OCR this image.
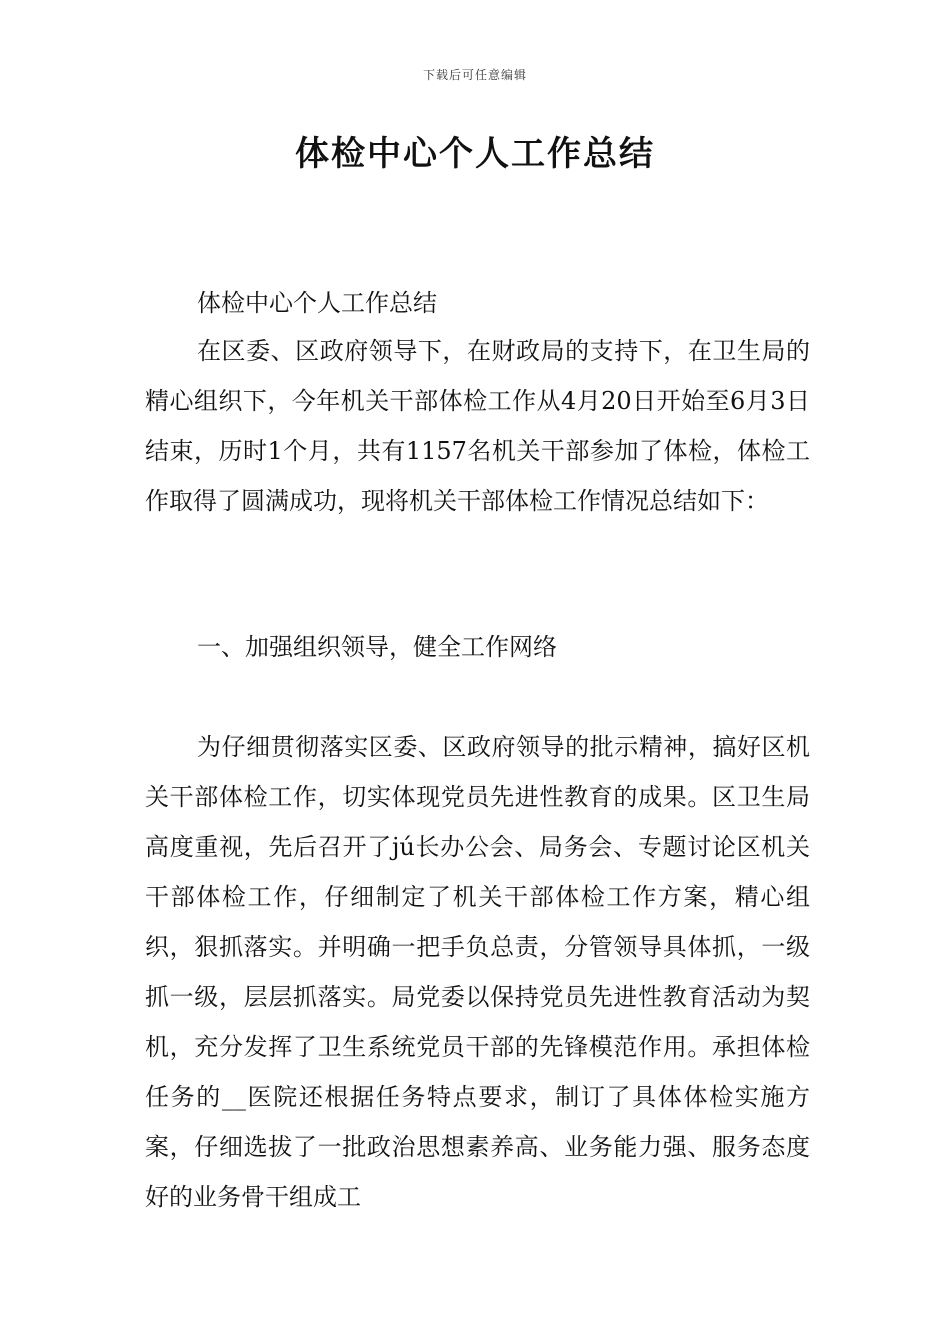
下载后可任意编辑
体检中心个人工作总结

体检中心个人工作总结

在区委、区政府领导下，在财政局的支持下，在卫生局的精心组织下，今年机关干部体检工作从4月20日开始至6月3日结束，历时1个月，共有1157名机关干部参加了体检，体检工作取得了圆满成功，现将机关干部体检工作情况总结如下：

一、加强组织领导，健全工作网络

为仔细贯彻落实区委、区政府领导的批示精神，搞好区机关干部体检工作，切实体现党员先进性教育的成果。区卫生局高度重视，先后召开了jú长办公会、局务会、专题讨论区机关干部体检工作，仔细制定了机关干部体检工作方案，精心组织，狠抓落实。并明确一把手负总责，分管领导具体抓，一级抓一级，层层抓落实。局党委以保持党员先进性教育活动为契机，充分发挥了卫生系统党员干部的先锋模范作用。承担体检任务的__医院还根据任务特点要求，制订了具体体检实施方案，仔细选拔了一批政治思想素养高、业务能力强、服务态度好的业务骨干组成工
